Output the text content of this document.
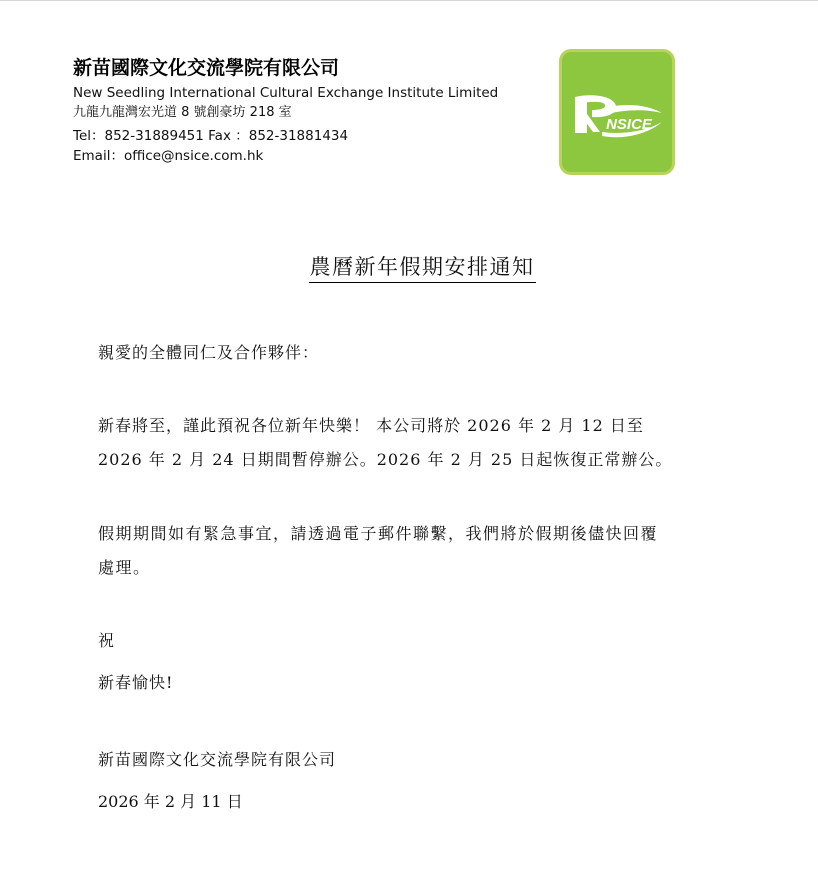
新苗國際文化交流學院有限公司
New Seedling International Cultural Exchange Institute Limited
九龍九龍灣宏光道 8 號創豪坊 218 室
Tel：852-31889451 Fax ：852-31881434
Email：office@nsice.com.hk
NSICE
農曆新年假期安排通知
親愛的全體同仁及合作夥伴：
新春將至，謹此預祝各位新年快樂！ 本公司將於 2026 年 2 月 12 日至
2026 年 2 月 24 日期間暫停辦公。2026 年 2 月 25 日起恢復正常辦公。
假期期間如有緊急事宜，請透過電子郵件聯繫，我們將於假期後儘快回覆
處理。
祝
新春愉快!
新苗國際文化交流學院有限公司
2026 年 2 月 11 日
